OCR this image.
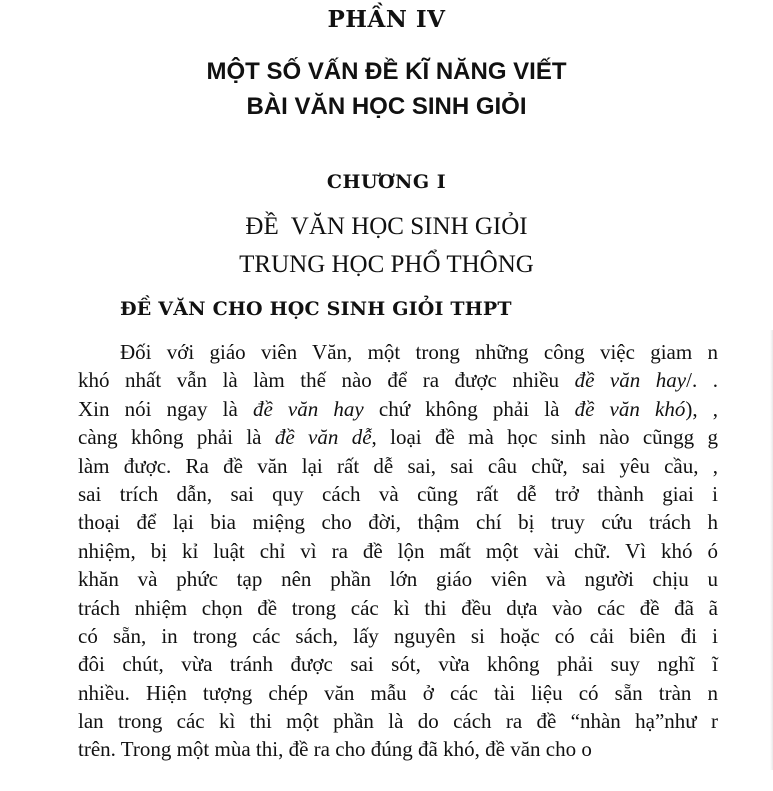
PHẦN IV
MỘT SỐ VẤN ĐỀ KĨ NĂNG VIẾT
BÀI VĂN HỌC SINH GIỎI
CHƯƠNG I
ĐỀ  VĂN HỌC SINH GIỎI
TRUNG HỌC PHỔ THÔNG
ĐỀ VĂN CHO HỌC SINH GIỎI THPT
Đối với giáo viên Văn, một trong những công việc giam n
khó nhất vẫn là làm thế nào để ra được nhiều đề văn hay/. .
Xin nói ngay là đề văn hay chứ không phải là đề văn khó), ,
càng không phải là đề văn dễ, loại đề mà học sinh nào cũngg g
làm được. Ra đề văn lại rất dễ sai, sai câu chữ, sai yêu cầu, ,
sai trích dẫn, sai quy cách và cũng rất dễ trở thành giai i
thoại để lại bia miệng cho đời, thậm chí bị truy cứu trách h
nhiệm, bị kỉ luật chỉ vì ra đề lộn mất một vài chữ. Vì khó ó
khăn và phức tạp nên phần lớn giáo viên và người chịu u
trách nhiệm chọn đề trong các kì thi đều dựa vào các đề đã ã
có sẵn, in trong các sách, lấy nguyên si hoặc có cải biên đi i
đôi chút, vừa tránh được sai sót, vừa không phải suy nghĩ ĩ
nhiều. Hiện tượng chép văn mẫu ở các tài liệu có sẵn tràn n
lan trong các kì thi một phần là do cách ra đề “nhàn hạ”như r
trên. Trong một mùa thi, đề ra cho đúng đã khó, đề văn cho o
